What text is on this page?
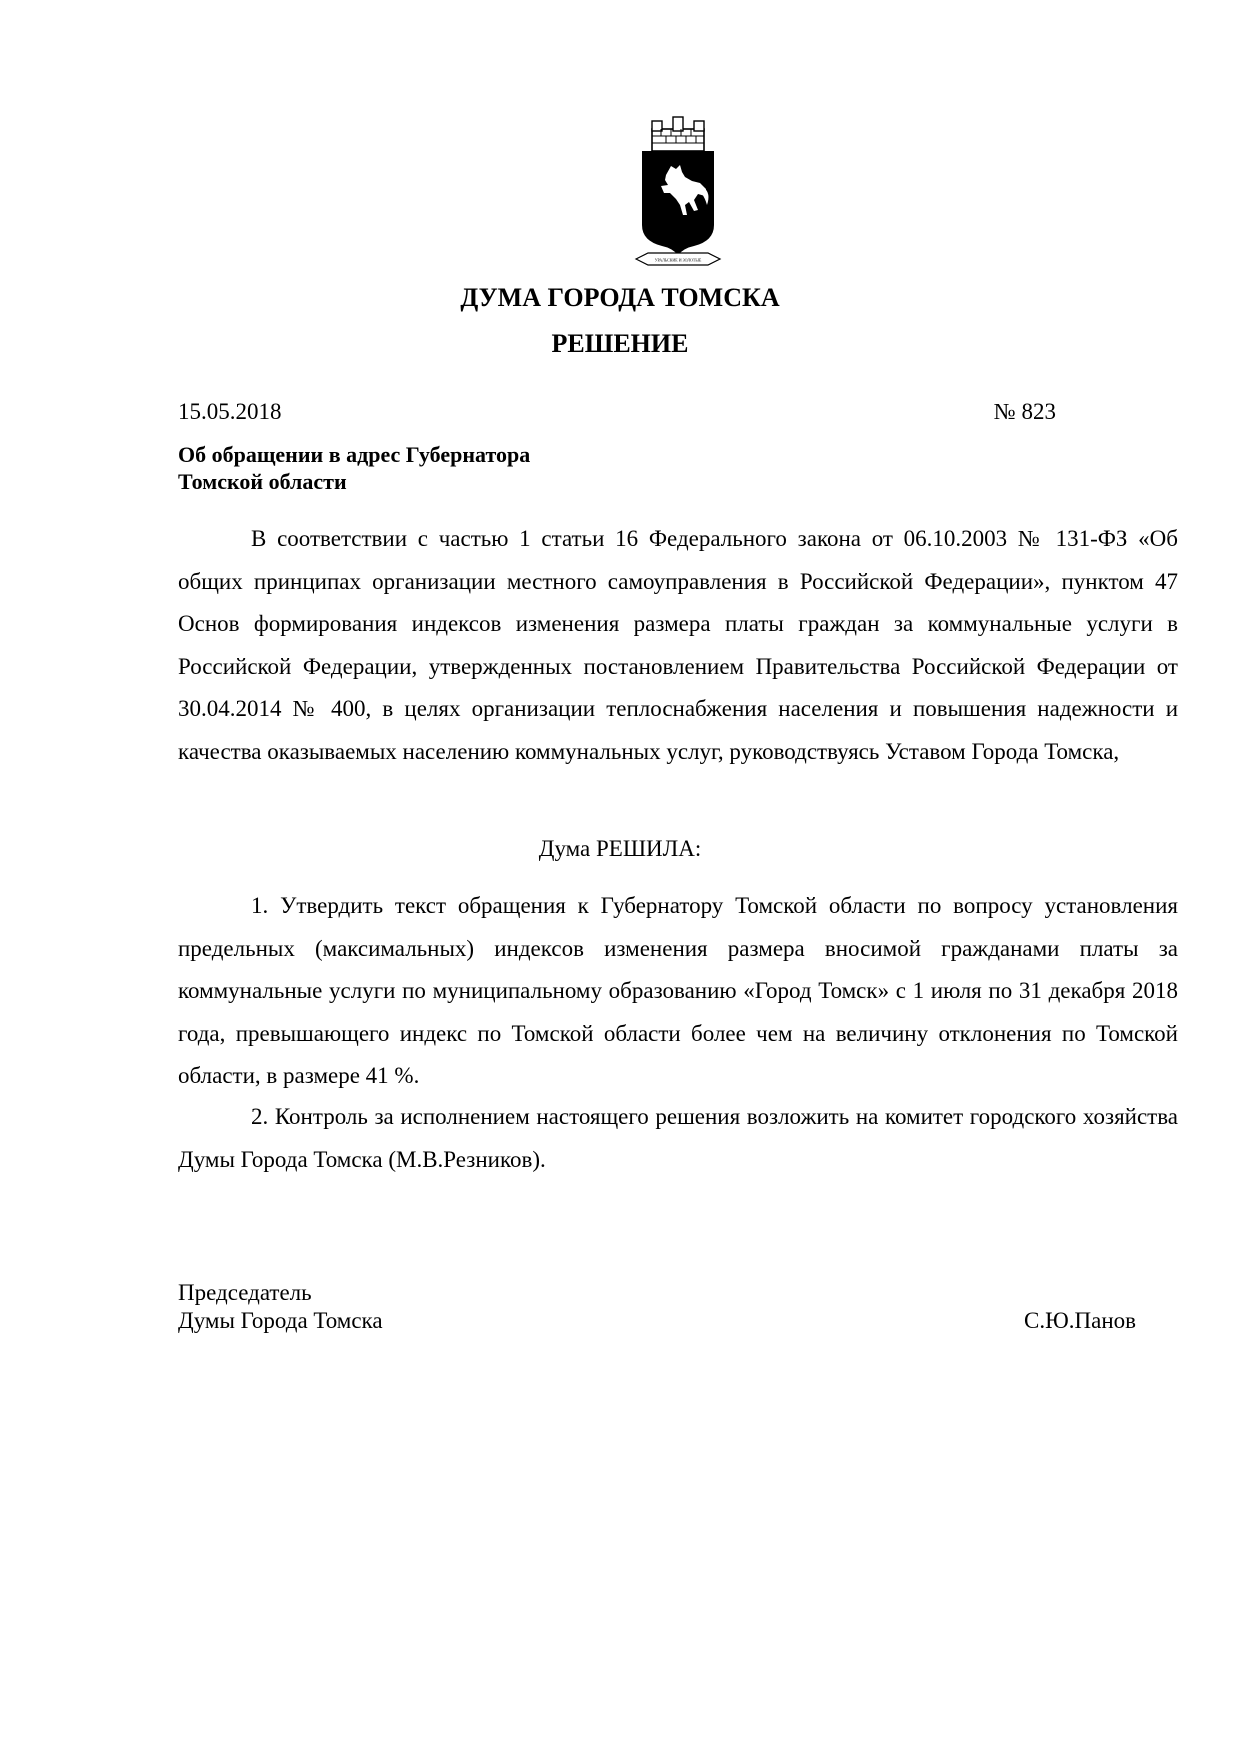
УРАЛЬСКИЕ И ЗОЛОТЫЕ
ДУМА ГОРОДА ТОМСКА
РЕШЕНИЕ
15.05.2018	№ 823
Об обращении в адрес Губернатора
Томской области
В соответствии с частью 1 статьи 16 Федерального закона от 06.10.2003 № 131-ФЗ «Об общих принципах организации местного самоуправления в Российской Федерации», пунктом 47 Основ формирования индексов изменения размера платы граждан за коммунальные услуги в Российской Федерации, утвержденных постановлением Правительства Российской Федерации от 30.04.2014 № 400, в целях организации теплоснабжения населения и повышения надежности и качества оказываемых населению коммунальных услуг, руководствуясь Уставом Города Томска,
Дума РЕШИЛА:
1. Утвердить текст обращения к Губернатору Томской области по вопросу установления предельных (максимальных) индексов изменения размера вносимой гражданами платы за коммунальные услуги по муниципальному образованию «Город Томск» с 1 июля по 31 декабря 2018 года, превышающего индекс по Томской области более чем на величину отклонения по Томской области, в размере 41 %.
2. Контроль за исполнением настоящего решения возложить на комитет городского хозяйства Думы Города Томска (М.В.Резников).
Председатель
Думы Города Томска	С.Ю.Панов
